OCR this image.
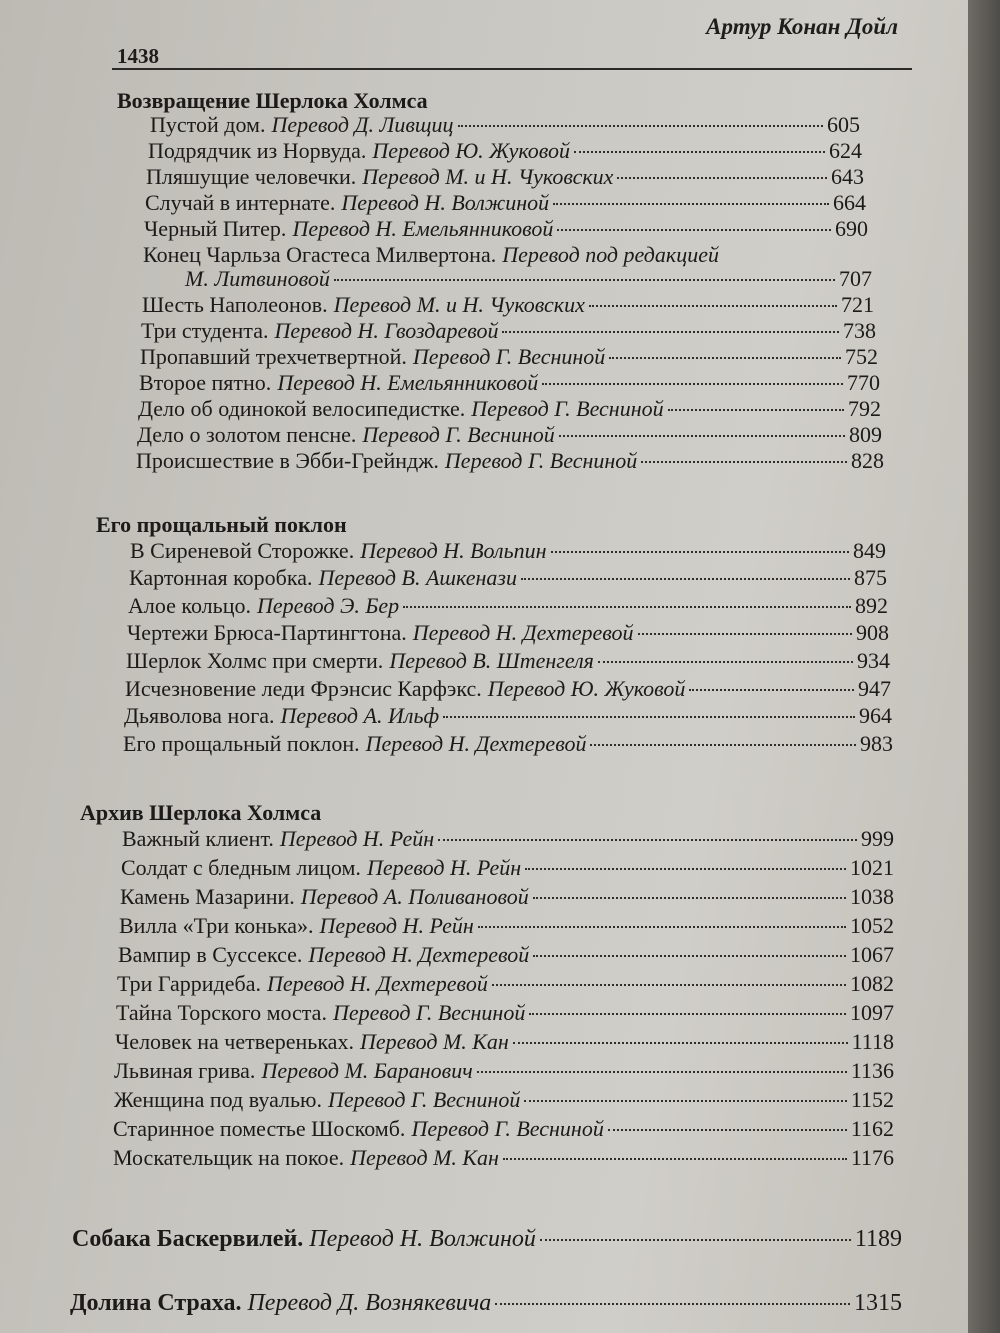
1438
Артур Конан Дойл
Возвращение Шерлока Холмса
Пустой дом. Перевод Д. Ливщиц	605
Подрядчик из Норвуда. Перевод Ю. Жуковой	624
Пляшущие человечки. Перевод М. и Н. Чуковских	643
Случай в интернате. Перевод Н. Волжиной	664
Черный Питер. Перевод Н. Емельянниковой	690
Конец Чарльза Огастеса Милвертона. Перевод под редакцией
М. Литвиновой	707
Шесть Наполеонов. Перевод М. и Н. Чуковских	721
Три студента. Перевод Н. Гвоздаревой	738
Пропавший трехчетвертной. Перевод Г. Весниной	752
Второе пятно. Перевод Н. Емельянниковой	770
Дело об одинокой велосипедистке. Перевод Г. Весниной	792
Дело о золотом пенсне. Перевод Г. Весниной	809
Происшествие в Эбби-Грейндж. Перевод Г. Весниной	828
Его прощальный поклон
В Сиреневой Сторожке. Перевод Н. Вольпин	849
Картонная коробка. Перевод В. Ашкенази	875
Алое кольцо. Перевод Э. Бер	892
Чертежи Брюса-Партингтона. Перевод Н. Дехтеревой	908
Шерлок Холмс при смерти. Перевод В. Штенгеля	934
Исчезновение леди Фрэнсис Карфэкс. Перевод Ю. Жуковой	947
Дьяволова нога. Перевод А. Ильф	964
Его прощальный поклон. Перевод Н. Дехтеревой	983
Архив Шерлока Холмса
Важный клиент. Перевод Н. Рейн	999
Солдат с бледным лицом. Перевод Н. Рейн	1021
Камень Мазарини. Перевод А. Поливановой	1038
Вилла «Три конька». Перевод Н. Рейн	1052
Вампир в Суссексе. Перевод Н. Дехтеревой	1067
Три Гарридеба. Перевод Н. Дехтеревой	1082
Тайна Торского моста. Перевод Г. Весниной	1097
Человек на четвереньках. Перевод М. Кан	1118
Львиная грива. Перевод М. Баранович	1136
Женщина под вуалью. Перевод Г. Весниной	1152
Старинное поместье Шоскомб. Перевод Г. Весниной	1162
Москательщик на покое. Перевод М. Кан	1176
Собака Баскервилей. Перевод Н. Волжиной	1189
Долина Страха. Перевод Д. Вознякевича	1315
